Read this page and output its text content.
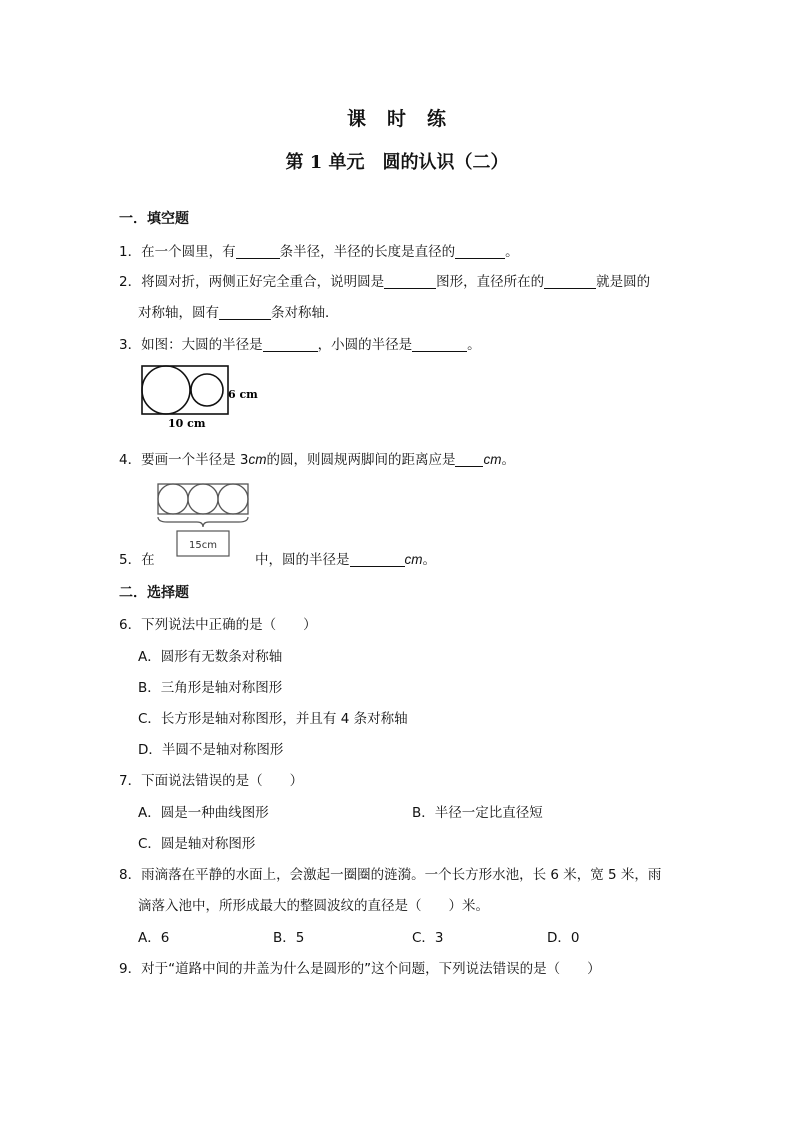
课　时　练
第 1 单元　圆的认识（二）
一．填空题
1．在一个圆里，有	条半径，半径的长度是直径的	。
2．将圆对折，两侧正好完全重合，说明圆是	图形，直径所在的	就是圆的
对称轴，圆有	条对称轴．
3．如图：大圆的半径是	，小圆的半径是	。
6 cm
10 cm
4．要画一个半径是 3cm的圆，则圆规两脚间的距离应是 cm。
15cm
5．在	中，圆的半径是	cm。
二．选择题
6．下列说法中正确的是（　　）
A．圆形有无数条对称轴
B．三角形是轴对称图形
C．长方形是轴对称图形，并且有 4 条对称轴
D．半圆不是轴对称图形
7．下面说法错误的是（　　）
A．圆是一种曲线图形	B．半径一定比直径短
C．圆是轴对称图形
8．雨滴落在平静的水面上，会激起一圈圈的涟漪。一个长方形水池，长 6 米，宽 5 米，雨
滴落入池中，所形成最大的整圆波纹的直径是（　　）米。
A．6	B．5	C．3	D．0
9．对于“道路中间的井盖为什么是圆形的”这个问题，下列说法错误的是（　　）
